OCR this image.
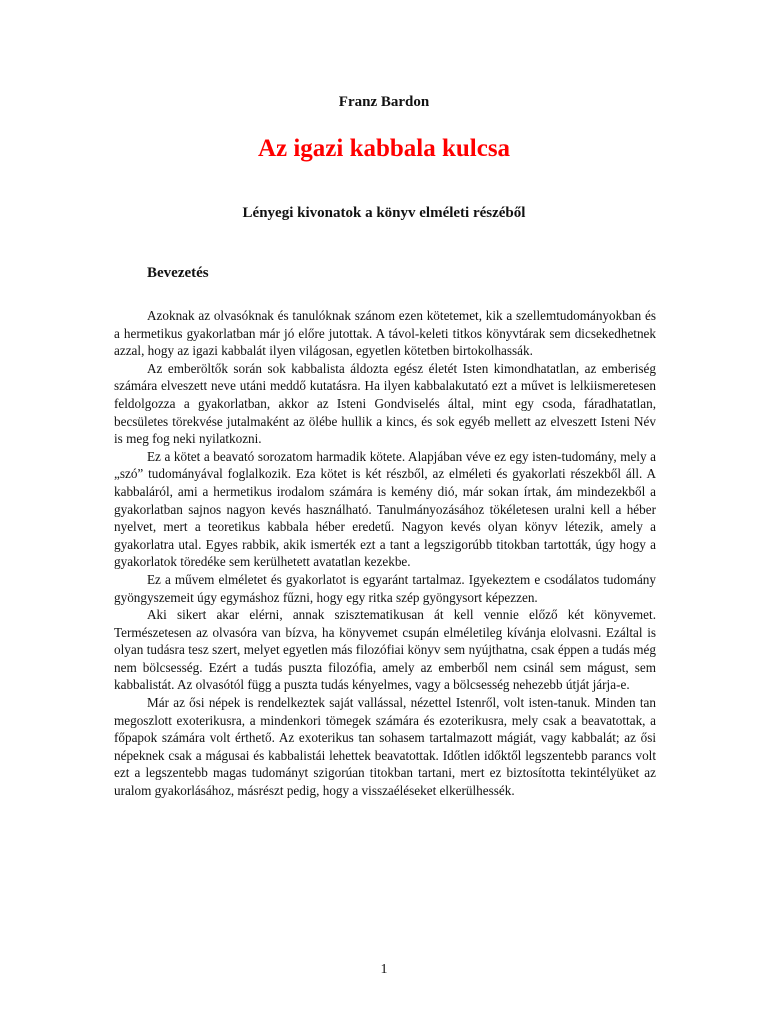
Franz Bardon
Az igazi kabbala kulcsa
Lényegi kivonatok a könyv elméleti részéből
Bevezetés

Azoknak az olvasóknak és tanulóknak szánom ezen kötetemet, kik a szellemtudományokban és a hermetikus gyakorlatban már jó előre jutottak. A távol-keleti titkos könyvtárak sem dicsekedhetnek azzal, hogy az igazi kabbalát ilyen világosan, egyetlen kötetben birtokolhassák.

Az emberöltők során sok kabbalista áldozta egész életét Isten kimondhatatlan, az emberiség számára elveszett neve utáni meddő kutatásra. Ha ilyen kabbalakutató ezt a művet is lelkiismeretesen feldolgozza a gyakorlatban, akkor az Isteni Gondviselés által, mint egy csoda, fáradhatatlan, becsületes törekvése jutalmaként az ölébe hullik a kincs, és sok egyéb mellett az elveszett Isteni Név is meg fog neki nyilatkozni.

Ez a kötet a beavató sorozatom harmadik kötete. Alapjában véve ez egy isten-tudomány, mely a „szó” tudományával foglalkozik. Eza kötet is két részből, az elméleti és gyakorlati részekből áll. A kabbaláról, ami a hermetikus irodalom számára is kemény dió, már sokan írtak, ám mindezekből a gyakorlatban sajnos nagyon kevés használható. Tanulmányozásához tökéletesen uralni kell a héber nyelvet, mert a teoretikus kabbala héber eredetű. Nagyon kevés olyan könyv létezik, amely a gyakorlatra utal. Egyes rabbik, akik ismerték ezt a tant a legszigorúbb titokban tartották, úgy hogy a gyakorlatok töredéke sem kerülhetett avatatlan kezekbe.

Ez a művem elméletet és gyakorlatot is egyaránt tartalmaz. Igyekeztem e csodálatos tudomány gyöngyszemeit úgy egymáshoz fűzni, hogy egy ritka szép gyöngysort képezzen.

Aki sikert akar elérni, annak szisztematikusan át kell vennie előző két könyvemet. Természetesen az olvasóra van bízva, ha könyvemet csupán elméletileg kívánja elolvasni. Ezáltal is olyan tudásra tesz szert, melyet egyetlen más filozófiai könyv sem nyújthatna, csak éppen a tudás még nem bölcsesség. Ezért a tudás puszta filozófia, amely az emberből nem csinál sem mágust, sem kabbalistát. Az olvasótól függ a puszta tudás kényelmes, vagy a bölcsesség nehezebb útját járja-e.

Már az ősi népek is rendelkeztek saját vallással, nézettel Istenről, volt isten-tanuk. Minden tan megoszlott exoterikusra, a mindenkori tömegek számára és ezoterikusra, mely csak a beavatottak, a főpapok számára volt érthető. Az exoterikus tan sohasem tartalmazott mágiát, vagy kabbalát; az ősi népeknek csak a mágusai és kabbalistái lehettek beavatottak. Időtlen időktől legszentebb parancs volt ezt a legszentebb magas tudományt szigorúan titokban tartani, mert ez biztosította tekintélyüket az uralom gyakorlásához, másrészt pedig, hogy a visszaéléseket elkerülhessék.

1
